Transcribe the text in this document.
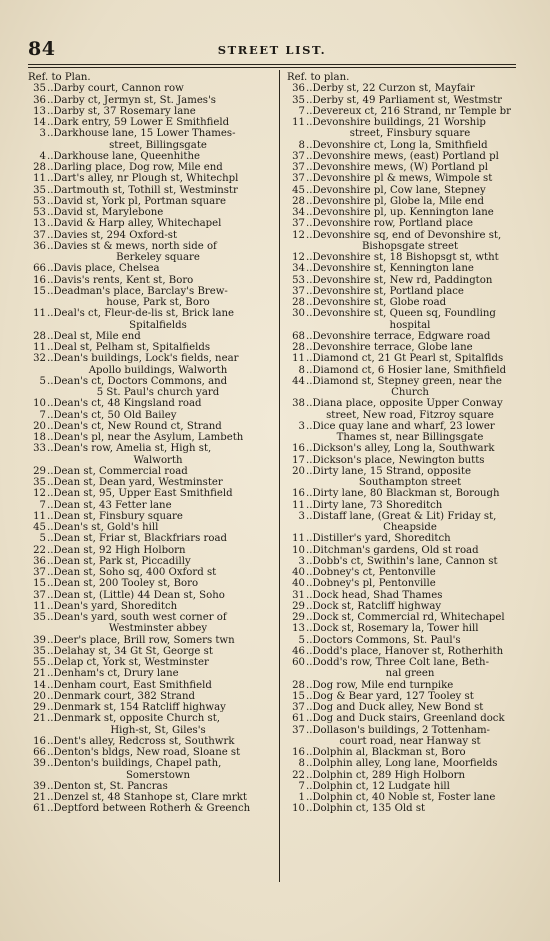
84	STREET LIST.
Ref. to Plan.
35..Darby court, Cannon row
36..Darby ct, Jermyn st, St. James's
13..Darby st, 37 Rosemary lane
14..Dark entry, 59 Lower E Smithfield
3..Darkhouse lane, 15 Lower Thames-
street, Billingsgate
4..Darkhouse lane, Queenhithe
28..Darling place, Dog row, Mile end
11..Dart's alley, nr Plough st, Whitechpl
35..Dartmouth st, Tothill st, Westminstr
53..David st, York pl, Portman square
53..David st, Marylebone
13..David & Harp alley, Whitechapel
37..Davies st, 294 Oxford-st
36..Davies st & mews, north side of
Berkeley square
66..Davis place, Chelsea
16..Davis's rents, Kent st, Boro
15..Deadman's place, Barclay's Brew-
house, Park st, Boro
11..Deal's ct, Fleur-de-lis st, Brick lane
Spitalfields
28..Deal st, Mile end
11..Deal st, Pelham st, Spitalfields
32..Dean's buildings, Lock's fields, near
Apollo buildings, Walworth
5..Dean's ct, Doctors Commons, and
5 St. Paul's church yard
10..Dean's ct, 48 Kingsland road
7..Dean's ct, 50 Old Bailey
20..Dean's ct, New Round ct, Strand
18..Dean's pl, near the Asylum, Lambeth
33..Dean's row, Amelia st, High st,
Walworth
29..Dean st, Commercial road
35..Dean st, Dean yard, Westminster
12..Dean st, 95, Upper East Smithfield
7..Dean st, 43 Fetter lane
11..Dean st, Finsbury square
45..Dean's st, Gold's hill
5..Dean st, Friar st, Blackfriars road
22..Dean st, 92 High Holborn
36..Dean st, Park st, Piccadilly
37..Dean st, Soho sq, 400 Oxford st
15..Dean st, 200 Tooley st, Boro
37..Dean st, (Little) 44 Dean st, Soho
11..Dean's yard, Shoreditch
35..Dean's yard, south west corner of
Westminster abbey
39..Deer's place, Brill row, Somers twn
35..Delahay st, 34 Gt St, George st
55..Delap ct, York st, Westminster
21..Denham's ct, Drury lane
14..Denham court, East Smithfield
20..Denmark court, 382 Strand
29..Denmark st, 154 Ratcliff highway
21..Denmark st, opposite Church st,
High-st, St, Giles's
16..Dent's alley, Redcross st, Southwrk
66..Denton's bldgs, New road, Sloane st
39..Denton's buildings, Chapel path,
Somerstown
39..Denton st, St. Pancras
21..Denzel st, 48 Stanhope st, Clare mrkt
61..Deptford between Rotherh & Greench
Ref. to plan.
36..Derby st, 22 Curzon st, Mayfair
35..Derby st, 49 Parliament st, Westmstr
7..Devereux ct, 216 Strand, nr Temple br
11..Devonshire buildings, 21 Worship
street, Finsbury square
8..Devonshire ct, Long la, Smithfield
37..Devonshire mews, (east) Portland pl
37..Devonshire mews, (W) Portland pl
37..Devonshire pl & mews, Wimpole st
45..Devonshire pl, Cow lane, Stepney
28..Devonshire pl, Globe la, Mile end
34..Devonshire pl, up. Kennington lane
37..Devonshire row, Portland place
12..Devonshire sq, end of Devonshire st,
Bishopsgate street
12..Devonshire st, 18 Bishopsgt st, wtht
34..Devonshire st, Kennington lane
53..Devonshire st, New rd, Paddington
37..Devonshire st, Portland place
28..Devonshire st, Globe road
30..Devonshire st, Queen sq, Foundling
hospital
68..Devonshire terrace, Edgware road
28..Devonshire terrace, Globe lane
11..Diamond ct, 21 Gt Pearl st, Spitalflds
8..Diamond ct, 6 Hosier lane, Smithfield
44..Diamond st, Stepney green, near the
Church
38..Diana place, opposite Upper Conway
street, New road, Fitzroy square
3..Dice quay lane and wharf, 23 lower
Thames st, near Billingsgate
16..Dickson's alley, Long la, Southwark
17..Dickson's place, Newington butts
20..Dirty lane, 15 Strand, opposite
Southampton street
16..Dirty lane, 80 Blackman st, Borough
11..Dirty lane, 73 Shoreditch
3..Distaff lane, (Great & Lit) Friday st,
Cheapside
11..Distiller's yard, Shoreditch
10..Ditchman's gardens, Old st road
3..Dobb's ct, Swithin's lane, Cannon st
40..Dobney's ct, Pentonville
40..Dobney's pl, Pentonville
31..Dock head, Shad Thames
29..Dock st, Ratcliff highway
29..Dock st, Commercial rd, Whitechapel
13..Dock st, Rosemary la, Tower hill
5..Doctors Commons, St. Paul's
46..Dodd's place, Hanover st, Rotherhith
60..Dodd's row, Three Colt lane, Beth-
nal green
28..Dog row, Mile end turnpike
15..Dog & Bear yard, 127 Tooley st
37..Dog and Duck alley, New Bond st
61..Dog and Duck stairs, Greenland dock
37..Dollason's buildings, 2 Tottenham-
court road, near Hanway st
16..Dolphin al, Blackman st, Boro
8..Dolphin alley, Long lane, Moorfields
22..Dolphin ct, 289 High Holborn
7..Dolphin ct, 12 Ludgate hill
1..Dolphin ct, 40 Noble st, Foster lane
10..Dolphin ct, 135 Old st
